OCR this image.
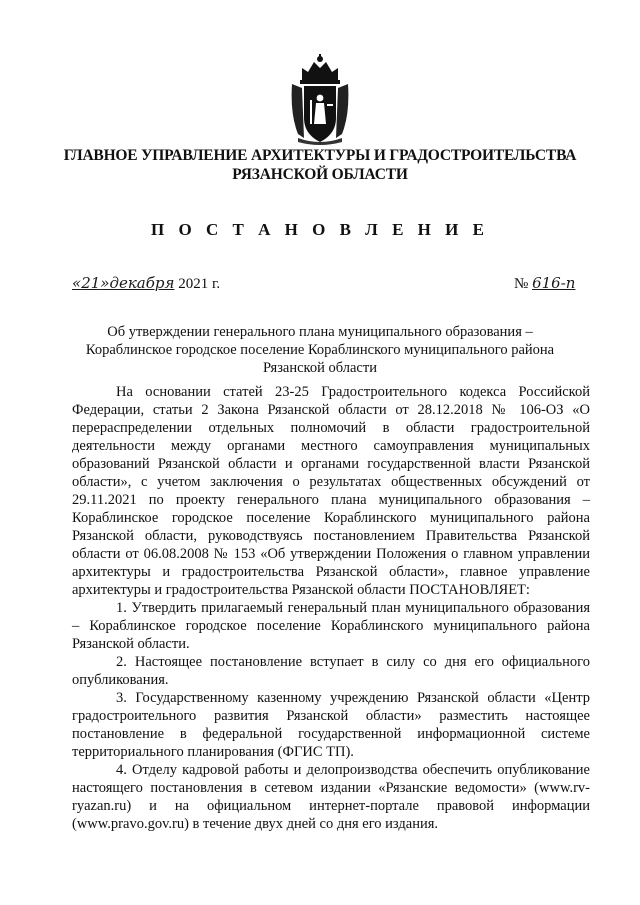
ГЛАВНОЕ УПРАВЛЕНИЕ АРХИТЕКТУРЫ И ГРАДОСТРОИТЕЛЬСТВА
РЯЗАНСКОЙ ОБЛАСТИ
П О С Т А Н О В Л Е Н И Е
«21»декабря 2021 г.	№ 616-п
Об утверждении генерального плана муниципального образования –
Кораблинское городское поселение Кораблинского муниципального района
Рязанской области

На основании статей 23-25 Градостроительного кодекса Российской Федерации, статьи 2 Закона Рязанской области от 28.12.2018 № 106-ОЗ «О перераспределении отдельных полномочий в области градостроительной деятельности между органами местного самоуправления муниципальных образований Рязанской области и органами государственной власти Рязанской области», с учетом заключения о результатах общественных обсуждений от 29.11.2021 по проекту генерального плана муниципального образования – Кораблинское городское поселение Кораблинского муниципального района Рязанской области, руководствуясь постановлением Правительства Рязанской области от 06.08.2008 № 153 «Об утверждении Положения о главном управлении архитектуры и градостроительства Рязанской области», главное управление архитектуры и градостроительства Рязанской области ПОСТАНОВЛЯЕТ:

1. Утвердить прилагаемый генеральный план муниципального образования – Кораблинское городское поселение Кораблинского муниципального района Рязанской области.

2. Настоящее постановление вступает в силу со дня его официального опубликования.

3. Государственному казенному учреждению Рязанской области «Центр градостроительного развития Рязанской области» разместить настоящее постановление в федеральной государственной информационной системе территориального планирования (ФГИС ТП).

4. Отделу кадровой работы и делопроизводства обеспечить опубликование настоящего постановления в сетевом издании «Рязанские ведомости» (www.rv-ryazan.ru) и на официальном интернет-портале правовой информации (www.pravo.gov.ru) в течение двух дней со дня его издания.
